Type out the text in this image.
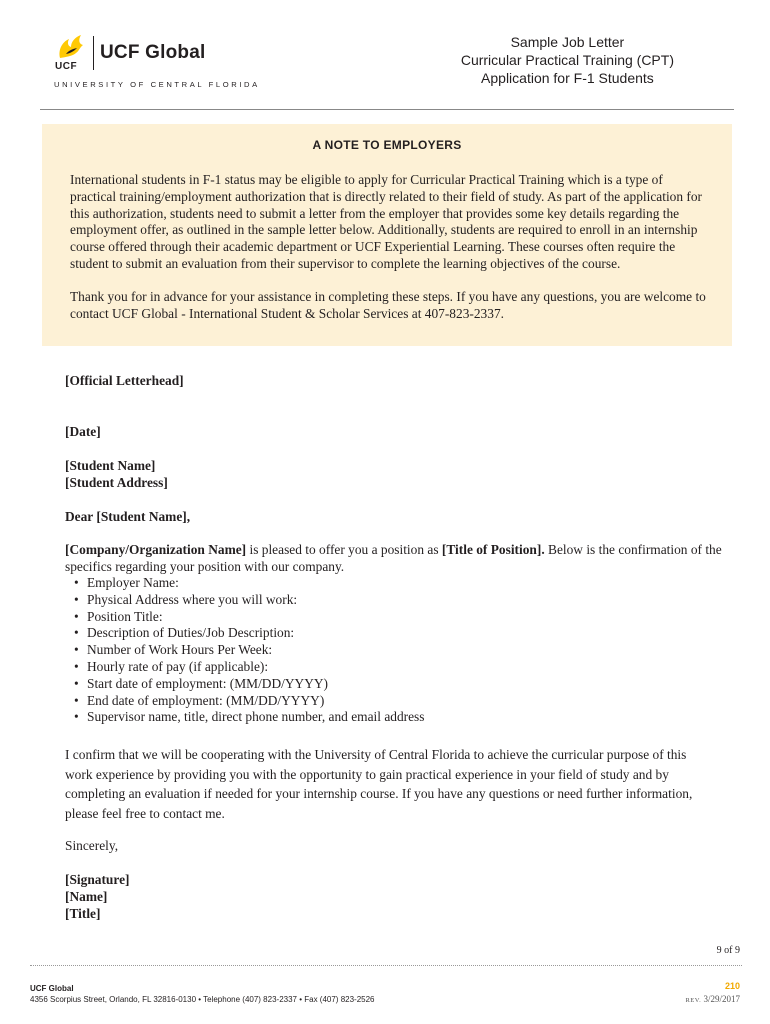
UCF
UCF Global
UNIVERSITY OF CENTRAL FLORIDA
Sample Job Letter
Curricular Practical Training (CPT)
Application for F-1 Students
A NOTE TO EMPLOYERS

International students in F-1 status may be eligible to apply for Curricular Practical Training which is a type of practical training/employment authorization that is directly related to their field of study. As part of the application for this authorization, students need to submit a letter from the employer that provides some key details regarding the employment offer, as outlined in the sample letter below. Additionally, students are required to enroll in an internship course offered through their academic department or UCF Experiential Learning. These courses often require the student to submit an evaluation from their supervisor to complete the learning objectives of the course.

Thank you for in advance for your assistance in completing these steps. If you have any questions, you are welcome to contact UCF Global - International Student & Scholar Services at 407-823-2337.

[Official Letterhead]
[Date]
[Student Name]
[Student Address]
Dear [Student Name],
[Company/Organization Name] is pleased to offer you a position as [Title of Position]. Below is the confirmation of the specifics regarding your position with our company.
• Employer Name:
• Physical Address where you will work:
• Position Title:
• Description of Duties/Job Description:
• Number of Work Hours Per Week:
• Hourly rate of pay (if applicable):
• Start date of employment: (MM/DD/YYYY)
• End date of employment: (MM/DD/YYYY)
• Supervisor name, title, direct phone number, and email address
I confirm that we will be cooperating with the University of Central Florida to achieve the curricular purpose of this work experience by providing you with the opportunity to gain practical experience in your field of study and by completing an evaluation if needed for your internship course. If you have any questions or need further information, please feel free to contact me.
Sincerely,
[Signature]
[Name]
[Title]
9 of 9
UCF Global
4356 Scorpius Street, Orlando, FL 32816-0130 • Telephone (407) 823-2337 • Fax (407) 823-2526
210
REV. 3/29/2017
